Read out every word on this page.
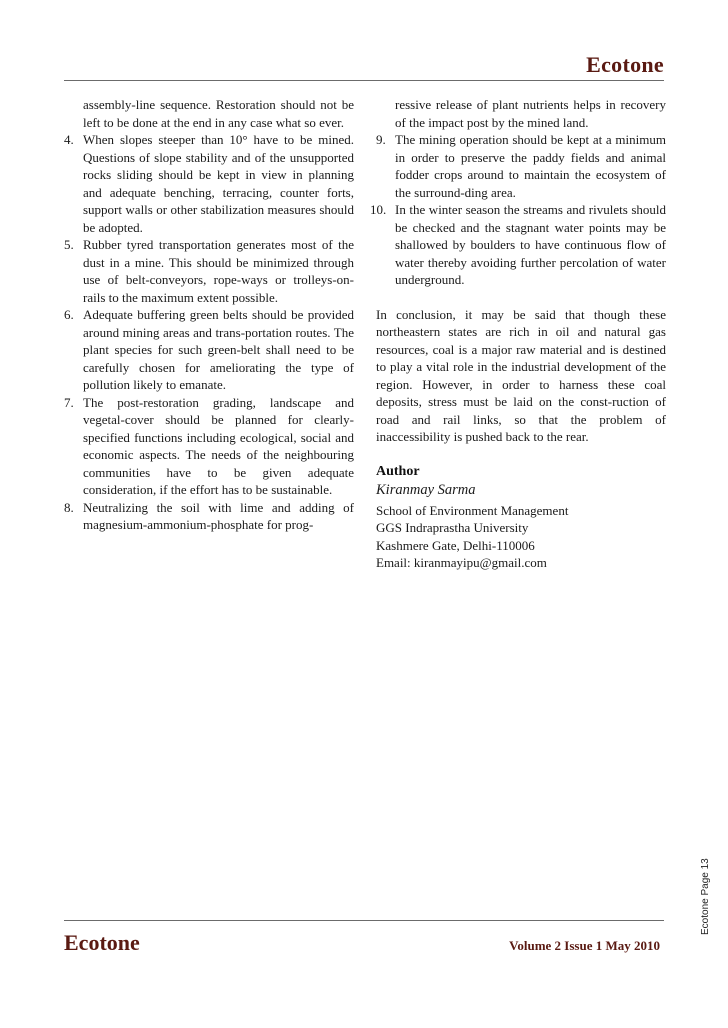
Ecotone

assembly-line sequence. Restoration should not be left to be done at the end in any case what so ever.

4. When slopes steeper than 10° have to be mined. Questions of slope stability and of the unsupported rocks sliding should be kept in view in planning and adequate benching, terracing, counter forts, support walls or other stabilization measures should be adopted.
5. Rubber tyred transportation generates most of the dust in a mine. This should be minimized through use of belt-conveyors, rope-ways or trolleys-on-rails to the maximum extent possible.
6. Adequate buffering green belts should be provided around mining areas and trans-portation routes. The plant species for such green-belt shall need to be carefully chosen for ameliorating the type of pollution likely to emanate.
7. The post-restoration grading, landscape and vegetal-cover should be planned for clearly-specified functions including ecological, social and economic aspects. The needs of the neighbouring communities have to be given adequate consideration, if the effort has to be sustainable.
8. Neutralizing the soil with lime and adding of magnesium-ammonium-phosphate for prog-

ressive release of plant nutrients helps in recovery of the impact post by the mined land.

9. The mining operation should be kept at a minimum in order to preserve the paddy fields and animal fodder crops around to maintain the ecosystem of the surround-ding area.
10. In the winter season the streams and rivulets should be checked and the stagnant water points may be shallowed by boulders to have continuous flow of water thereby avoiding further percolation of water underground.

In conclusion, it may be said that though these northeastern states are rich in oil and natural gas resources, coal is a major raw material and is destined to play a vital role in the industrial development of the region. However, in order to harness these coal deposits, stress must be laid on the const-ruction of road and rail links, so that the problem of inaccessibility is pushed back to the rear.

Author

Kiranmay Sarma

School of Environment Management

GGS Indraprastha University

Kashmere Gate, Delhi-110006

Email: kiranmayipu@gmail.com

Ecotone	Volume 2 Issue 1 May 2010
Ecotone Page 13
